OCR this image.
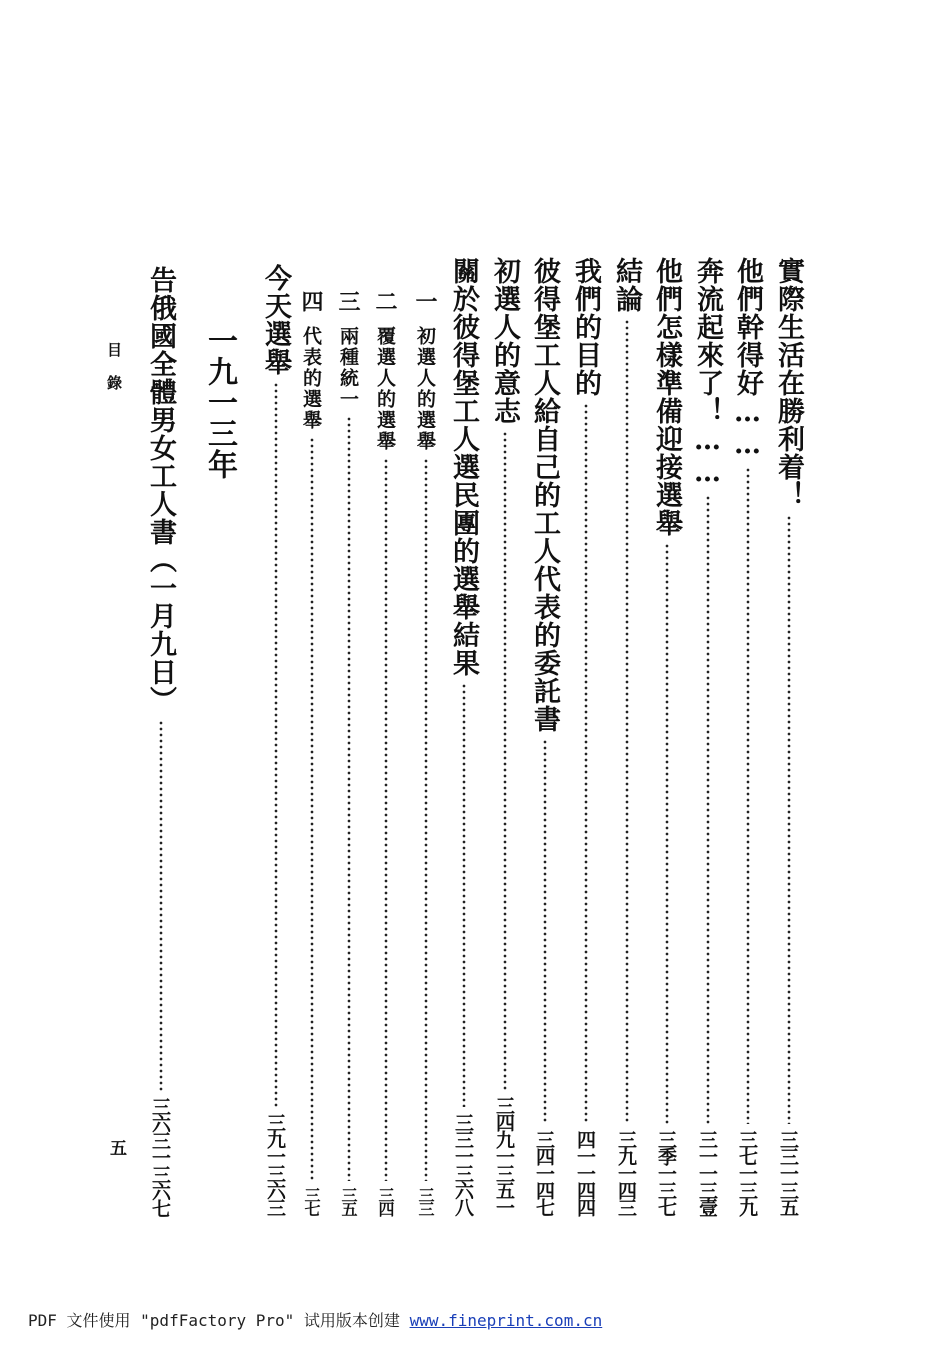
實際生活在勝利着！
三三一三五
他們幹得好……
三七一三九
奔流起來了！……
三一一三壹
他們怎樣準備迎接選舉
三季一三七
結論
三九一四三
我們的目的
四一一四四
彼得堡工人給自己的工人代表的委託書
三四一四七
初選人的意志
三四九一三五一
關於彼得堡工人選民團的選舉結果
三三一三六八
一
初選人的選舉
三三
二
覆選人的選舉
三四
三
兩種統一
三五
四
代表的選舉
三七
今天選舉
三九一三六三
一九一三年
告俄國全體男女工人書（一月九日）
三六三一三六七
目 錄
五
PDF 文件使用 "pdfFactory Pro" 试用版本创建 www.fineprint.com.cn
